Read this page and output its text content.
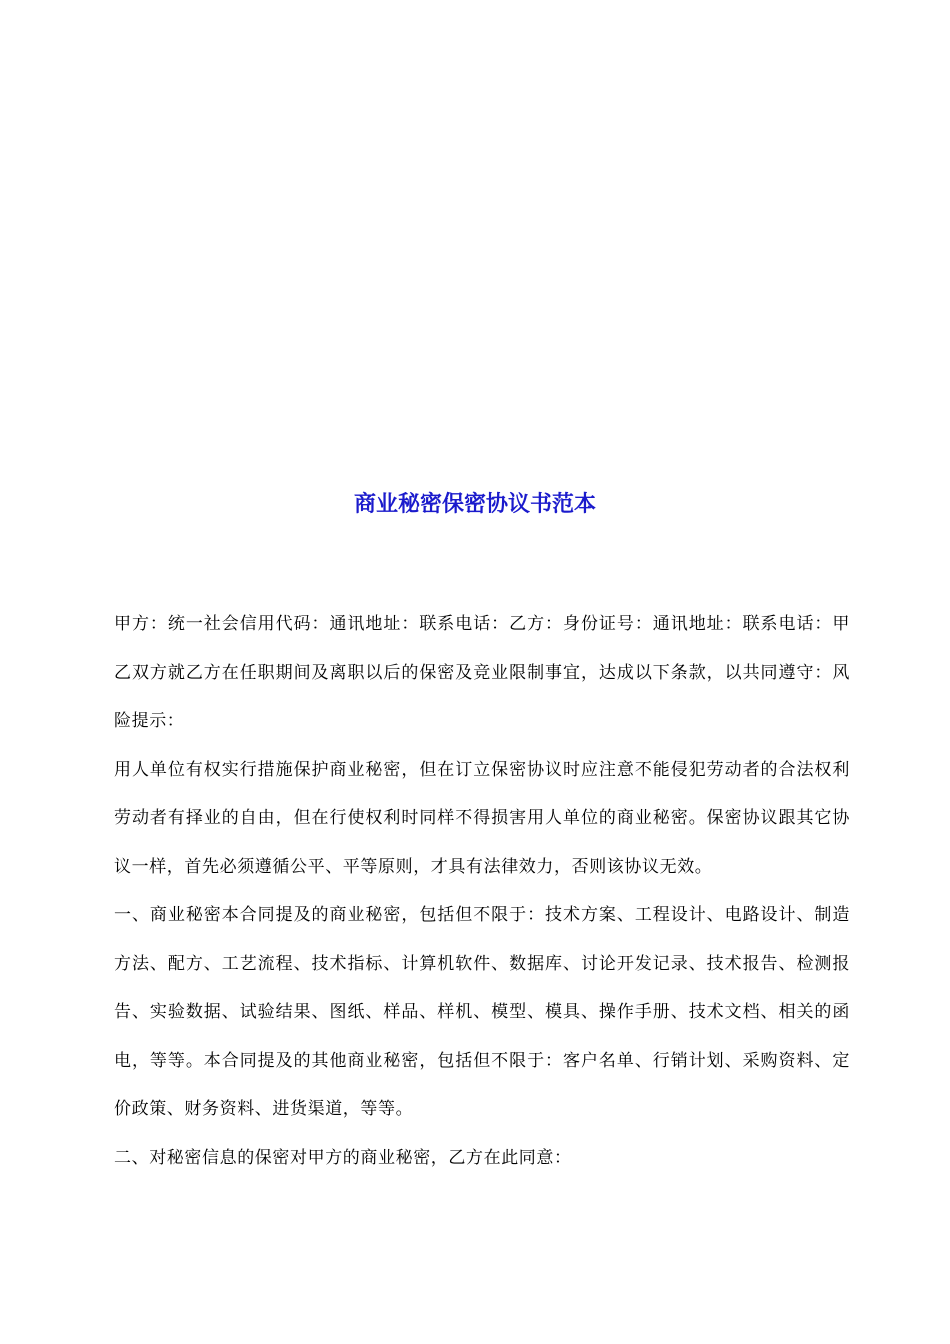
商业秘密保密协议书范本

甲方：统一社会信用代码：通讯地址：联系电话：乙方：身份证号：通讯地址：联系电话：甲乙双方就乙方在任职期间及离职以后的保密及竞业限制事宜，达成以下条款，以共同遵守：风险提示：

用人单位有权实行措施保护商业秘密，但在订立保密协议时应注意不能侵犯劳动者的合法权利劳动者有择业的自由，但在行使权利时同样不得损害用人单位的商业秘密。保密协议跟其它协议一样，首先必须遵循公平、平等原则，才具有法律效力，否则该协议无效。

一、商业秘密本合同提及的商业秘密，包括但不限于：技术方案、工程设计、电路设计、制造方法、配方、工艺流程、技术指标、计算机软件、数据库、讨论开发记录、技术报告、检测报告、实验数据、试验结果、图纸、样品、样机、模型、模具、操作手册、技术文档、相关的函电，等等。本合同提及的其他商业秘密，包括但不限于：客户名单、行销计划、采购资料、定价政策、财务资料、进货渠道，等等。

二、对秘密信息的保密对甲方的商业秘密，乙方在此同意：
